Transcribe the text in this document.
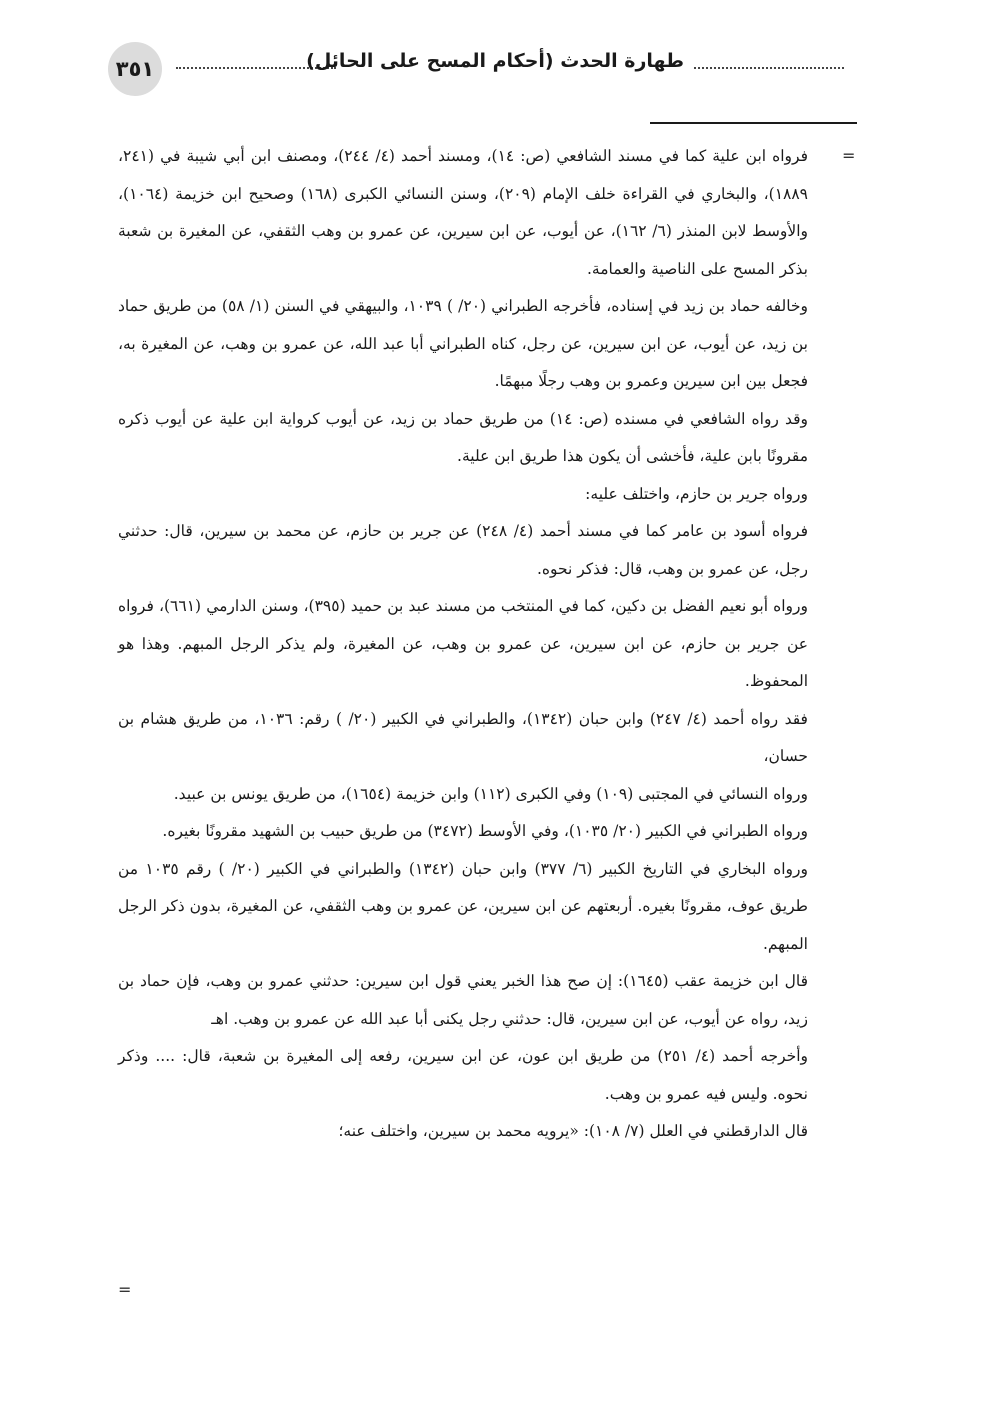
٣٥١	طهارة الحدث (أحكام المسح على الحائل)
=

فرواه ابن علية كما في مسند الشافعي (ص: ١٤)، ومسند أحمد (٤/ ٢٤٤)، ومصنف ابن أبي شيبة في (٢٤١، ١٨٨٩)، والبخاري في القراءة خلف الإمام (٢٠٩)، وسنن النسائي الكبرى (١٦٨) وصحيح ابن خزيمة (١٠٦٤)، والأوسط لابن المنذر (٦/ ١٦٢)، عن أيوب، عن ابن سيرين، عن عمرو بن وهب الثقفي، عن المغيرة بن شعبة بذكر المسح على الناصية والعمامة.

وخالفه حماد بن زيد في إسناده، فأخرجه الطبراني (٢٠/ ) ١٠٣٩، والبيهقي في السنن (١/ ٥٨) من طريق حماد بن زيد، عن أيوب، عن ابن سيرين، عن رجل، كناه الطبراني أبا عبد الله، عن عمرو بن وهب، عن المغيرة به، فجعل بين ابن سيرين وعمرو بن وهب رجلًا مبهمًا.

وقد رواه الشافعي في مسنده (ص: ١٤) من طريق حماد بن زيد، عن أيوب كرواية ابن علية عن أيوب ذكره مقرونًا بابن علية، فأخشى أن يكون هذا طريق ابن علية.

ورواه جرير بن حازم، واختلف عليه:

فرواه أسود بن عامر كما في مسند أحمد (٤/ ٢٤٨) عن جرير بن حازم، عن محمد بن سيرين، قال: حدثني رجل، عن عمرو بن وهب، قال: فذكر نحوه.

ورواه أبو نعيم الفضل بن دكين، كما في المنتخب من مسند عبد بن حميد (٣٩٥)، وسنن الدارمي (٦٦١)، فرواه عن جرير بن حازم، عن ابن سيرين، عن عمرو بن وهب، عن المغيرة، ولم يذكر الرجل المبهم. وهذا هو المحفوظ.

فقد رواه أحمد (٤/ ٢٤٧) وابن حبان (١٣٤٢)، والطبراني في الكبير (٢٠/ ) رقم: ١٠٣٦، من طريق هشام بن حسان،

ورواه النسائي في المجتبى (١٠٩) وفي الكبرى (١١٢) وابن خزيمة (١٦٥٤)، من طريق يونس بن عبيد.

ورواه الطبراني في الكبير (٢٠/ ١٠٣٥)، وفي الأوسط (٣٤٧٢) من طريق حبيب بن الشهيد مقرونًا بغيره.

ورواه البخاري في التاريخ الكبير (٦/ ٣٧٧) وابن حبان (١٣٤٢) والطبراني في الكبير (٢٠/ ) رقم ١٠٣٥ من طريق عوف، مقرونًا بغيره. أربعتهم عن ابن سيرين، عن عمرو بن وهب الثقفي، عن المغيرة، بدون ذكر الرجل المبهم.

قال ابن خزيمة عقب (١٦٤٥): إن صح هذا الخبر يعني قول ابن سيرين: حدثني عمرو بن وهب، فإن حماد بن زيد، رواه عن أيوب، عن ابن سيرين، قال: حدثني رجل يكنى أبا عبد الله عن عمرو بن وهب. اهـ

وأخرجه أحمد (٤/ ٢٥١) من طريق ابن عون، عن ابن سيرين، رفعه إلى المغيرة بن شعبة، قال: .... وذكر نحوه. وليس فيه عمرو بن وهب.

قال الدارقطني في العلل (٧/ ١٠٨): «يرويه محمد بن سيرين، واختلف عنه؛

=
